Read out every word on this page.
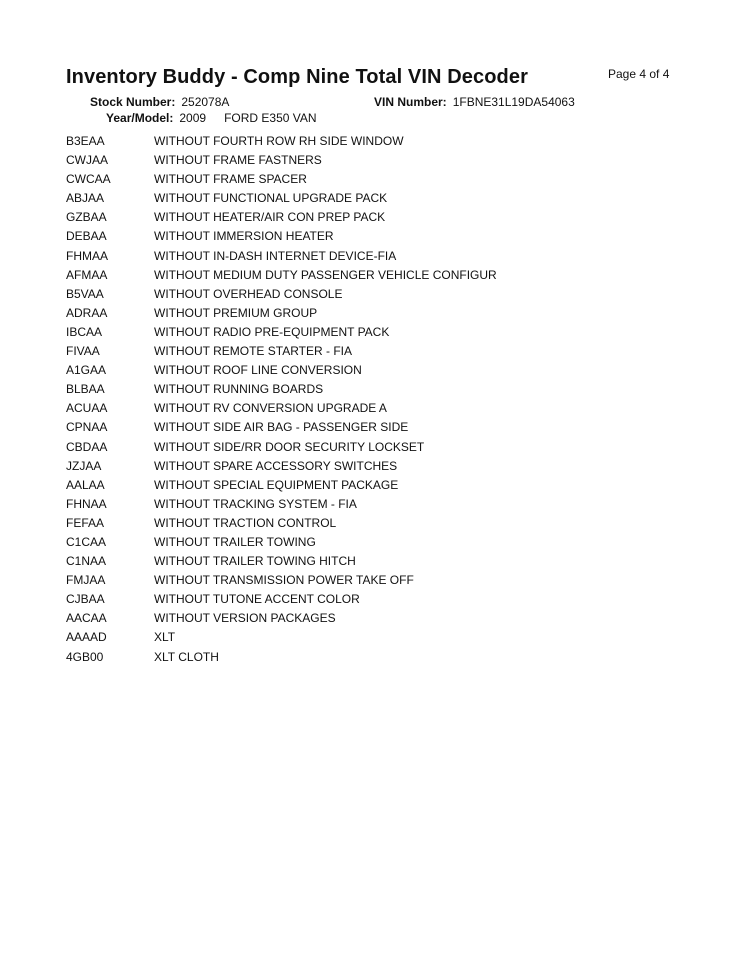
Page 4 of 4
Inventory Buddy - Comp Nine Total VIN Decoder
Stock Number: 252078A	VIN Number: 1FBNE31L19DA54063
Year/Model: 2009 FORD E350 VAN
B3EAA	WITHOUT FOURTH ROW RH SIDE WINDOW
CWJAA	WITHOUT FRAME FASTNERS
CWCAA	WITHOUT FRAME SPACER
ABJAA	WITHOUT FUNCTIONAL UPGRADE PACK
GZBAA	WITHOUT HEATER/AIR CON PREP PACK
DEBAA	WITHOUT IMMERSION HEATER
FHMAA	WITHOUT IN-DASH INTERNET DEVICE-FIA
AFMAA	WITHOUT MEDIUM DUTY PASSENGER VEHICLE CONFIGUR
B5VAA	WITHOUT OVERHEAD CONSOLE
ADRAA	WITHOUT PREMIUM GROUP
IBCAA	WITHOUT RADIO PRE-EQUIPMENT PACK
FIVAA	WITHOUT REMOTE STARTER - FIA
A1GAA	WITHOUT ROOF LINE CONVERSION
BLBAA	WITHOUT RUNNING BOARDS
ACUAA	WITHOUT RV CONVERSION UPGRADE A
CPNAA	WITHOUT SIDE AIR BAG - PASSENGER SIDE
CBDAA	WITHOUT SIDE/RR DOOR SECURITY LOCKSET
JZJAA	WITHOUT SPARE ACCESSORY SWITCHES
AALAA	WITHOUT SPECIAL EQUIPMENT PACKAGE
FHNAA	WITHOUT TRACKING SYSTEM - FIA
FEFAA	WITHOUT TRACTION CONTROL
C1CAA	WITHOUT TRAILER TOWING
C1NAA	WITHOUT TRAILER TOWING HITCH
FMJAA	WITHOUT TRANSMISSION POWER TAKE OFF
CJBAA	WITHOUT TUTONE ACCENT COLOR
AACAA	WITHOUT VERSION PACKAGES
AAAAD	XLT
4GB00	XLT CLOTH
